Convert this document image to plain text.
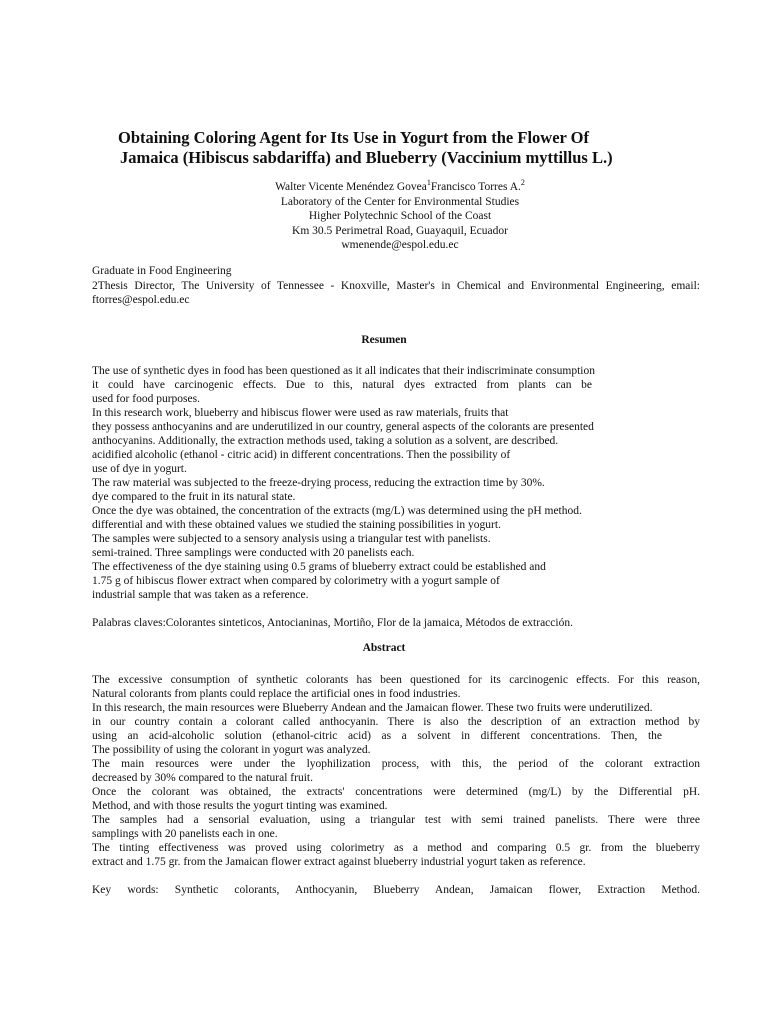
Obtaining Coloring Agent for Its Use in Yogurt from the Flower Of
Jamaica (Hibiscus sabdariffa) and Blueberry (Vaccinium myttillus L.)
Walter Vicente Menéndez Govea$^1$Francisco Torres A.$^2$
Laboratory of the Center for Environmental Studies
Higher Polytechnic School of the Coast
Km 30.5 Perimetral Road, Guayaquil, Ecuador
wmenende@espol.edu.ec
Graduate in Food Engineering
2Thesis Director, The University of Tennessee - Knoxville, Master's in Chemical and Environmental Engineering, email:
ftorres@espol.edu.ec
Resumen
The use of synthetic dyes in food has been questioned as it all indicates that their indiscriminate consumption
it could have carcinogenic effects. Due to this, natural dyes extracted from plants can be
used for food purposes.
In this research work, blueberry and hibiscus flower were used as raw materials, fruits that
they possess anthocyanins and are underutilized in our country, general aspects of the colorants are presented
anthocyanins. Additionally, the extraction methods used, taking a solution as a solvent, are described.
acidified alcoholic (ethanol - citric acid) in different concentrations. Then the possibility of
use of dye in yogurt.
The raw material was subjected to the freeze-drying process, reducing the extraction time by 30%.
dye compared to the fruit in its natural state.
Once the dye was obtained, the concentration of the extracts (mg/L) was determined using the pH method.
differential and with these obtained values we studied the staining possibilities in yogurt.
The samples were subjected to a sensory analysis using a triangular test with panelists.
semi-trained. Three samplings were conducted with 20 panelists each.
The effectiveness of the dye staining using 0.5 grams of blueberry extract could be established and
1.75 g of hibiscus flower extract when compared by colorimetry with a yogurt sample of
industrial sample that was taken as a reference.
Palabras claves:Colorantes sinteticos, Antocianinas, Mortiño, Flor de la jamaica, Métodos de extracción.
Abstract
The excessive consumption of synthetic colorants has been questioned for its carcinogenic effects. For this reason,
Natural colorants from plants could replace the artificial ones in food industries.
In this research, the main resources were Blueberry Andean and the Jamaican flower. These two fruits were underutilized.
in our country contain a colorant called anthocyanin. There is also the description of an extraction method by
using an acid-alcoholic solution (ethanol-citric acid) as a solvent in different concentrations. Then, the
The possibility of using the colorant in yogurt was analyzed.
The main resources were under the lyophilization process, with this, the period of the colorant extraction
decreased by 30% compared to the natural fruit.
Once the colorant was obtained, the extracts' concentrations were determined (mg/L) by the Differential pH.
Method, and with those results the yogurt tinting was examined.
The samples had a sensorial evaluation, using a triangular test with semi trained panelists. There were three
samplings with 20 panelists each in one.
The tinting effectiveness was proved using colorimetry as a method and comparing 0.5 gr. from the blueberry
extract and 1.75 gr. from the Jamaican flower extract against blueberry industrial yogurt taken as reference.
Key words: Synthetic colorants, Anthocyanin, Blueberry Andean, Jamaican flower, Extraction Method.
